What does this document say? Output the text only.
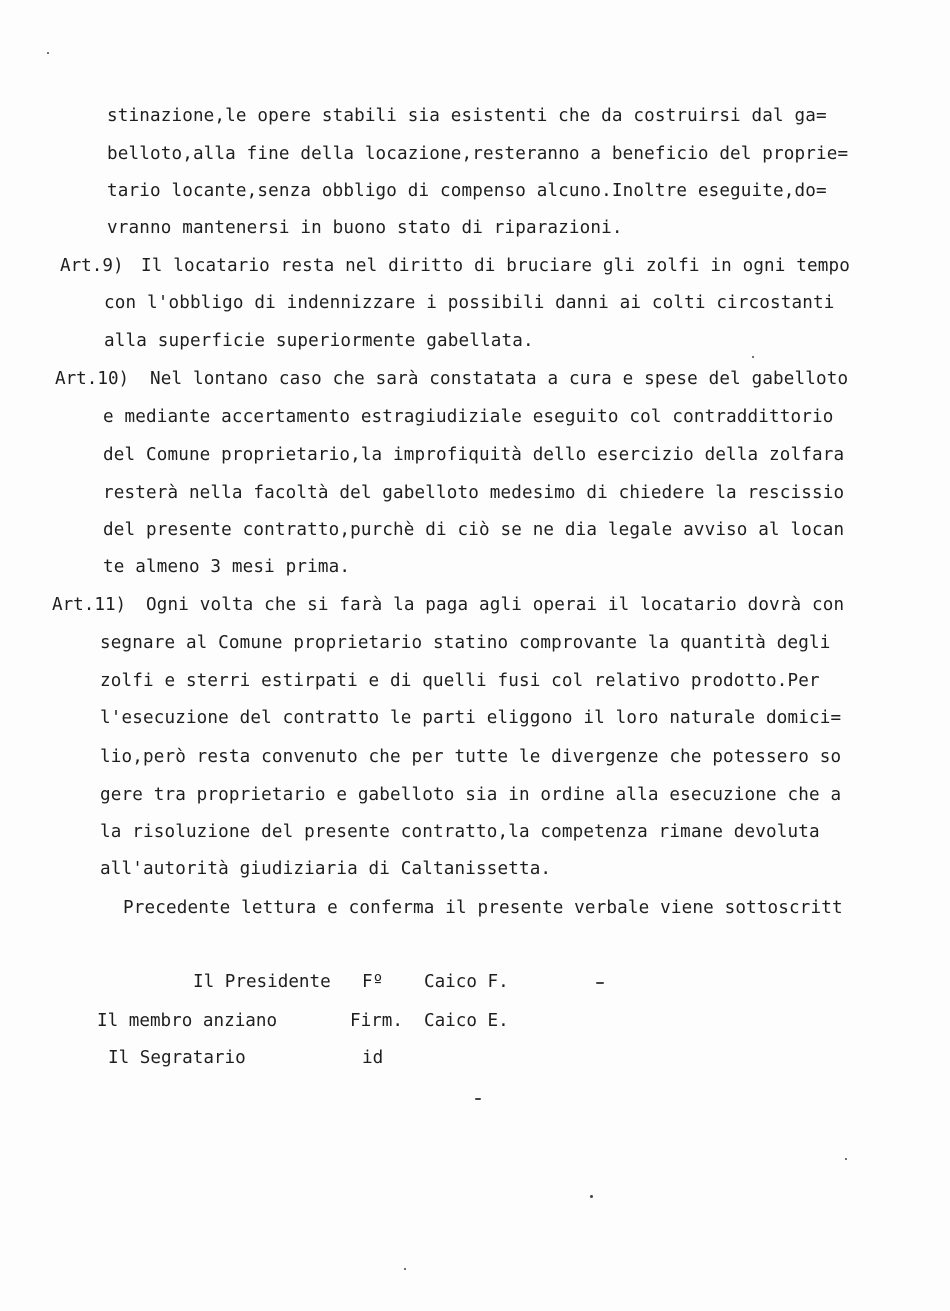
stinazione,le opere stabili sia esistenti che da costruirsi dal ga=
belloto,alla fine della locazione,resteranno a beneficio del proprie=
tario locante,senza obbligo di compenso alcuno.Inoltre eseguite,do=
vranno mantenersi in buono stato di riparazioni.
Art.9) Il locatario resta nel diritto di bruciare gli zolfi in ogni tempo
con l'obbligo di indennizzare i possibili danni ai colti circostanti
alla superficie superiormente gabellata.
Art.10) Nel lontano caso che sarà constatata a cura e spese del gabelloto
e mediante accertamento estragiudiziale eseguito col contraddittorio
del Comune proprietario,la improfiquità dello esercizio della zolfara
resterà nella facoltà del gabelloto medesimo di chiedere la rescissio
del presente contratto,purchè di ciò se ne dia legale avviso al locan
te almeno 3 mesi prima.
Art.11) Ogni volta che si farà la paga agli operai il locatario dovrà con
segnare al Comune proprietario statino comprovante la quantità degli
zolfi e sterri estirpati e di quelli fusi col relativo prodotto.Per
l'esecuzione del contratto le parti eliggono il loro naturale domici=
lio,però resta convenuto che per tutte le divergenze che potessero so
gere tra proprietario e gabelloto sia in ordine alla esecuzione che a
la risoluzione del presente contratto,la competenza rimane devoluta
all'autorità giudiziaria di Caltanissetta.
Precedente lettura e conferma il presente verbale viene sottoscritt
Il Presidente Fº Caico F.
Il membro anziano	Firm. Caico E.
Il Segratario	id
